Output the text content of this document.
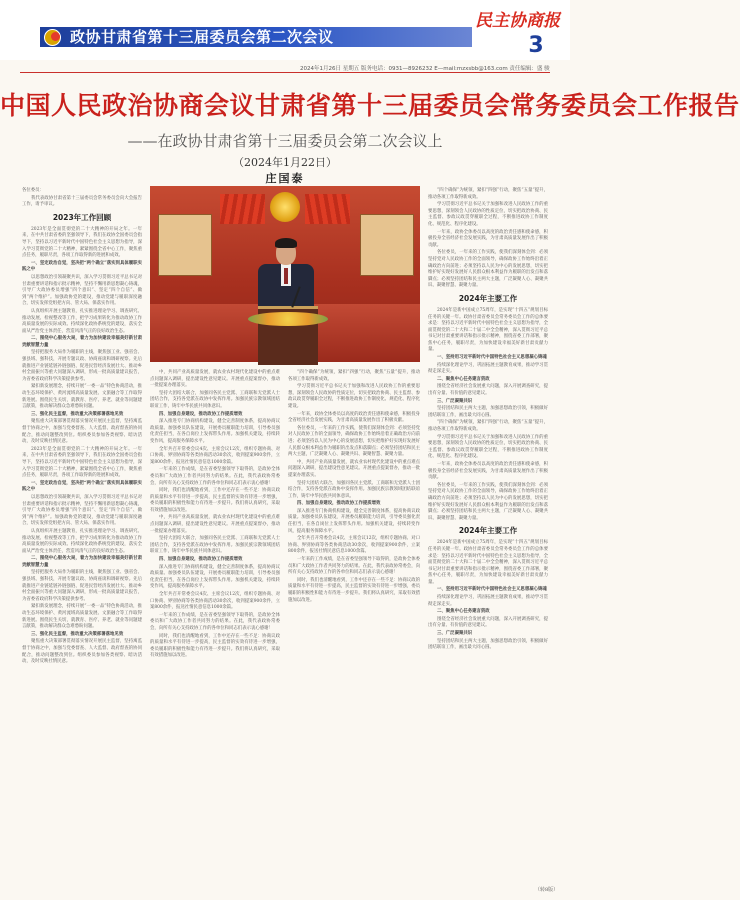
政协甘肃省第十三届委员会第二次会议
民主协商报
3
2024年1月26日 星期五 版务电话：0931—8926232 E—mail:mzxsbb@163.com 责任编辑：盛 骏
中国人民政治协商会议甘肃省第十三届委员会常务委员会工作报告
——在政协甘肃省第十三届委员会第二次会议上
（2024年1月22日）
庄国泰

各位委员：

我代表政协甘肃省第十三届委员会常务委员会向大会报告工作，请予审议。

2023年工作回顾

2023年是全面贯彻党的二十大精神的开局之年。一年来，在中共甘肃省委的坚强领导下，我们在政协全国委员会指导下，坚持以习近平新时代中国特色社会主义思想为指导，深入学习贯彻党的二十大精神，紧紧围绕全省中心工作，聚焦重点任务，履职尽责，各项工作取得新的进展和成效。

一、坚定政治自觉，坚决把“两个确立”落实到具体履职实践之中

以思想政治引领凝聚共识，深入学习贯彻习近平总书记对甘肃重要讲话和指示批示精神，坚持不懈用新思想凝心铸魂，引导广大政协委员增强“四个意识”、坚定“四个自信”、做到“两个维护”。加强政协党的建设，推动党建与履职深度融合，切实发挥党组把方向、管大局、保落实作用。

认真组织开展主题教育，扎实推进理论学习、调查研究、推动发展、检视整改等工作，把学习成果转化为推动政协工作高质量发展的实际成效。持续深化政协系统党的建设，落实全面从严治党主体责任，营造风清气正的良好政治生态。

二、围绕中心服务大局，着力为加快建设幸福美好新甘肃贡献智慧力量

坚持把服务大局作为履职的主线，聚焦强工业、强省会、强县域、强科技，开展专题议政、协商座谈和调研视察。先后就推进产业链延链补链强链、促进民营经济发展壮大、推动乡村全面振兴等重大问题深入调研，形成一批高质量建议报告，为省委省政府科学决策提供参考。

紧扣新发展理念，持续开展“一委一品”特色协商活动，推动生态环境保护、黄河流域高质量发展、文旅融合等工作取得新进展。围绕民生关切，就教育、医疗、养老、就业等问题建言献策，推动解决群众急难愁盼问题。

三、强化民主监督，推动重大决策部署落地见效

聚焦重大决策部署贯彻落实情况开展民主监督，坚持寓监督于协商之中，加强与党委督查、人大监督、政府督查的协同配合，推动问题整改到位。组织委员参加各类视察、暗访活动，及时反映社情民意。

2023年是全面贯彻党的二十大精神的开局之年。一年来，在中共甘肃省委的坚强领导下，我们在政协全国委员会指导下，坚持以习近平新时代中国特色社会主义思想为指导，深入学习贯彻党的二十大精神，紧紧围绕全省中心工作，聚焦重点任务，履职尽责，各项工作取得新的进展和成效。

一、坚定政治自觉，坚决把“两个确立”落实到具体履职实践之中

以思想政治引领凝聚共识，深入学习贯彻习近平总书记对甘肃重要讲话和指示批示精神，坚持不懈用新思想凝心铸魂，引导广大政协委员增强“四个意识”、坚定“四个自信”、做到“两个维护”。加强政协党的建设，推动党建与履职深度融合，切实发挥党组把方向、管大局、保落实作用。

认真组织开展主题教育，扎实推进理论学习、调查研究、推动发展、检视整改等工作，把学习成果转化为推动政协工作高质量发展的实际成效。持续深化政协系统党的建设，落实全面从严治党主体责任，营造风清气正的良好政治生态。

二、围绕中心服务大局，着力为加快建设幸福美好新甘肃贡献智慧力量

坚持把服务大局作为履职的主线，聚焦强工业、强省会、强县域、强科技，开展专题议政、协商座谈和调研视察。先后就推进产业链延链补链强链、促进民营经济发展壮大、推动乡村全面振兴等重大问题深入调研，形成一批高质量建议报告，为省委省政府科学决策提供参考。

紧扣新发展理念，持续开展“一委一品”特色协商活动，推动生态环境保护、黄河流域高质量发展、文旅融合等工作取得新进展。围绕民生关切，就教育、医疗、养老、就业等问题建言献策，推动解决群众急难愁盼问题。

三、强化民主监督，推动重大决策部署落地见效

聚焦重大决策部署贯彻落实情况开展民主监督，坚持寓监督于协商之中，加强与党委督查、人大监督、政府督查的协同配合，推动问题整改到位。组织委员参加各类视察、暗访活动，及时反映社情民意。

中，共同产业高质量发展，就农业农村现代化建设中的重点难点问题深入调研，提出建设性意见建议。开展重点提案督办，推动一批提案办理落实。

坚持大团结大联合，加强同各民主党派、工商联和无党派人士团结合作，支持各党派在政协中发挥作用。加强民族宗教领域团结联谊工作，铸牢中华民族共同体意识。

四、加强自身建设，推动政协工作提质增效

深入推进专门协商机构建设，健全完善制度体系，提高协商议政质量。加强委员队伍建设，开展委员履职能力培训，引导委员强化责任担当，在各自岗位上发挥带头作用。加强机关建设，持续转变作风，提高服务保障水平。

全年共召开常委会议4次、主席会议12次，组织专题协商、对口协商、界别协商等各类协商活动30余次，收到提案900余件，立案800余件，报送社情民意信息1000余篇。

一年来的工作成绩，是在省委坚强领导下取得的，是政协全体委员和广大政协工作者共同努力的结果。在此，我代表政协常委会，向所有关心支持政协工作的各单位和同志们表示衷心感谢！

同时，我们也清醒地看到，工作中还存在一些不足：协商议政的质量和水平有待进一步提高，民主监督的实效有待进一步增强，委员履职的积极性和能力有待进一步提升。我们将认真研究，采取有效措施加以改进。

中，共同产业高质量发展，就农业农村现代化建设中的重点难点问题深入调研，提出建设性意见建议。开展重点提案督办，推动一批提案办理落实。

坚持大团结大联合，加强同各民主党派、工商联和无党派人士团结合作，支持各党派在政协中发挥作用。加强民族宗教领域团结联谊工作，铸牢中华民族共同体意识。

四、加强自身建设，推动政协工作提质增效

深入推进专门协商机构建设，健全完善制度体系，提高协商议政质量。加强委员队伍建设，开展委员履职能力培训，引导委员强化责任担当，在各自岗位上发挥带头作用。加强机关建设，持续转变作风，提高服务保障水平。

全年共召开常委会议4次、主席会议12次，组织专题协商、对口协商、界别协商等各类协商活动30余次，收到提案900余件，立案800余件，报送社情民意信息1000余篇。

一年来的工作成绩，是在省委坚强领导下取得的，是政协全体委员和广大政协工作者共同努力的结果。在此，我代表政协常委会，向所有关心支持政协工作的各单位和同志们表示衷心感谢！

同时，我们也清醒地看到，工作中还存在一些不足：协商议政的质量和水平有待进一步提高，民主监督的实效有待进一步增强，委员履职的积极性和能力有待进一步提升。我们将认真研究，采取有效措施加以改进。

“四个确保”为统领，紧扣“四强”行动，聚焦“五量”提升，推动各项工作取得新成效。

学习贯彻习近平总书记关于加强和改进人民政协工作的重要思想，深刻领会人民政协的性质定位，切实把政治协商、民主监督、参政议政贯穿履职全过程，不断推进政协工作制度化、规范化、程序化建设。

一年来，政协全体委员以高度的政治责任感和使命感，积极投身全省经济社会发展实践，为甘肃高质量发展作出了积极贡献。

各位委员，一年来的工作实践，使我们深刻体会到：必须坚持党对人民政协工作的全面领导，确保政协工作始终沿着正确政治方向前进；必须坚持以人民为中心的发展思想，切实把维护好实现好发展好人民群众根本利益作为履职的出发点和落脚点；必须坚持团结和民主两大主题，广泛凝聚人心、凝聚共识、凝聚智慧、凝聚力量。

中，共同产业高质量发展，就农业农村现代化建设中的重点难点问题深入调研，提出建设性意见建议。开展重点提案督办，推动一批提案办理落实。

坚持大团结大联合，加强同各民主党派、工商联和无党派人士团结合作，支持各党派在政协中发挥作用。加强民族宗教领域团结联谊工作，铸牢中华民族共同体意识。

四、加强自身建设，推动政协工作提质增效

深入推进专门协商机构建设，健全完善制度体系，提高协商议政质量。加强委员队伍建设，开展委员履职能力培训，引导委员强化责任担当，在各自岗位上发挥带头作用。加强机关建设，持续转变作风，提高服务保障水平。

全年共召开常委会议4次、主席会议12次，组织专题协商、对口协商、界别协商等各类协商活动30余次，收到提案900余件，立案800余件，报送社情民意信息1000余篇。

一年来的工作成绩，是在省委坚强领导下取得的，是政协全体委员和广大政协工作者共同努力的结果。在此，我代表政协常委会，向所有关心支持政协工作的各单位和同志们表示衷心感谢！

同时，我们也清醒地看到，工作中还存在一些不足：协商议政的质量和水平有待进一步提高，民主监督的实效有待进一步增强，委员履职的积极性和能力有待进一步提升。我们将认真研究，采取有效措施加以改进。

“四个确保”为统领，紧扣“四强”行动，聚焦“五量”提升，推动各项工作取得新成效。

学习贯彻习近平总书记关于加强和改进人民政协工作的重要思想，深刻领会人民政协的性质定位，切实把政治协商、民主监督、参政议政贯穿履职全过程，不断推进政协工作制度化、规范化、程序化建设。

一年来，政协全体委员以高度的政治责任感和使命感，积极投身全省经济社会发展实践，为甘肃高质量发展作出了积极贡献。

各位委员，一年来的工作实践，使我们深刻体会到：必须坚持党对人民政协工作的全面领导，确保政协工作始终沿着正确政治方向前进；必须坚持以人民为中心的发展思想，切实把维护好实现好发展好人民群众根本利益作为履职的出发点和落脚点；必须坚持团结和民主两大主题，广泛凝聚人心、凝聚共识、凝聚智慧、凝聚力量。

2024年主要工作

2024年是新中国成立75周年，是实现“十四五”规划目标任务的关键一年。政协甘肃省委员会常务委员会工作的总体要求是：坚持以习近平新时代中国特色社会主义思想为指导，全面贯彻党的二十大和二十届二中全会精神，深入贯彻习近平总书记对甘肃重要讲话和指示批示精神，围绕省委工作部署，聚焦中心任务，履职尽责，为加快建设幸福美好新甘肃贡献力量。

一、坚持用习近平新时代中国特色社会主义思想凝心铸魂

持续深化理论学习，巩固拓展主题教育成果，推动学习贯彻走深走实。

二、聚焦中心任务建言资政

围绕全省经济社会发展重大问题，深入开展调查研究，提出有分量、有价值的意见建议。

三、广泛凝聚共识

坚持团结和民主两大主题，加强思想政治引领，积极做好团结联谊工作，画出最大同心圆。

“四个确保”为统领，紧扣“四强”行动，聚焦“五量”提升，推动各项工作取得新成效。

学习贯彻习近平总书记关于加强和改进人民政协工作的重要思想，深刻领会人民政协的性质定位，切实把政治协商、民主监督、参政议政贯穿履职全过程，不断推进政协工作制度化、规范化、程序化建设。

一年来，政协全体委员以高度的政治责任感和使命感，积极投身全省经济社会发展实践，为甘肃高质量发展作出了积极贡献。

各位委员，一年来的工作实践，使我们深刻体会到：必须坚持党对人民政协工作的全面领导，确保政协工作始终沿着正确政治方向前进；必须坚持以人民为中心的发展思想，切实把维护好实现好发展好人民群众根本利益作为履职的出发点和落脚点；必须坚持团结和民主两大主题，广泛凝聚人心、凝聚共识、凝聚智慧、凝聚力量。

2024年主要工作

2024年是新中国成立75周年，是实现“十四五”规划目标任务的关键一年。政协甘肃省委员会常务委员会工作的总体要求是：坚持以习近平新时代中国特色社会主义思想为指导，全面贯彻党的二十大和二十届二中全会精神，深入贯彻习近平总书记对甘肃重要讲话和指示批示精神，围绕省委工作部署，聚焦中心任务，履职尽责，为加快建设幸福美好新甘肃贡献力量。

一、坚持用习近平新时代中国特色社会主义思想凝心铸魂

持续深化理论学习，巩固拓展主题教育成果，推动学习贯彻走深走实。

二、聚焦中心任务建言资政

围绕全省经济社会发展重大问题，深入开展调查研究，提出有分量、有价值的意见建议。

三、广泛凝聚共识

坚持团结和民主两大主题，加强思想政治引领，积极做好团结联谊工作，画出最大同心圆。

（转8版）
